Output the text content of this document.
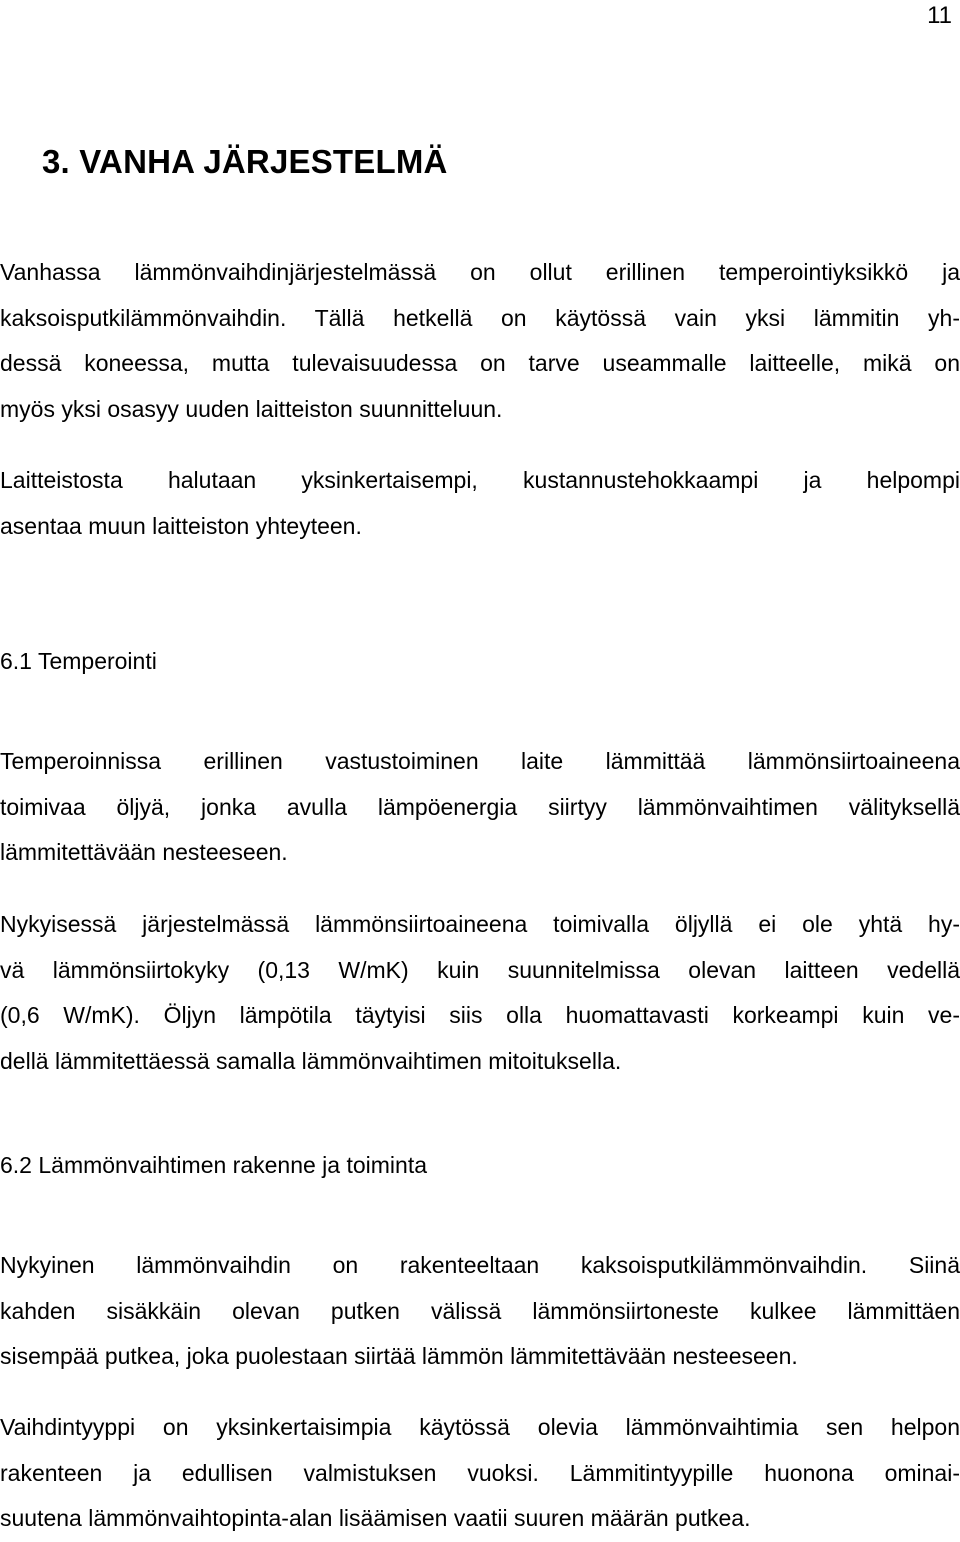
11
3. VANHA JÄRJESTELMÄ

Vanhassa lämmönvaihdinjärjestelmässä on ollut erillinen temperointiyksikkö ja
kaksoisputkilämmönvaihdin. Tällä hetkellä on käytössä vain yksi lämmitin yh-
dessä koneessa, mutta tulevaisuudessa on tarve useammalle laitteelle, mikä on
myös yksi osasyy uuden laitteiston suunnitteluun.

Laitteistosta halutaan yksinkertaisempi, kustannustehokkaampi ja helpompi
asentaa muun laitteiston yhteyteen.

6.1 Temperointi

Temperoinnissa erillinen vastustoiminen laite lämmittää lämmönsiirtoaineena
toimivaa öljyä, jonka avulla lämpöenergia siirtyy lämmönvaihtimen välityksellä
lämmitettävään nesteeseen.

Nykyisessä järjestelmässä lämmönsiirtoaineena toimivalla öljyllä ei ole yhtä hy-
vä lämmönsiirtokyky (0,13 W/mK) kuin suunnitelmissa olevan laitteen vedellä
(0,6 W/mK). Öljyn lämpötila täytyisi siis olla huomattavasti korkeampi kuin ve-
dellä lämmitettäessä samalla lämmönvaihtimen mitoituksella.

6.2 Lämmönvaihtimen rakenne ja toiminta

Nykyinen lämmönvaihdin on rakenteeltaan kaksoisputkilämmönvaihdin. Siinä
kahden sisäkkäin olevan putken välissä lämmönsiirtoneste kulkee lämmittäen
sisempää putkea, joka puolestaan siirtää lämmön lämmitettävään nesteeseen.

Vaihdintyyppi on yksinkertaisimpia käytössä olevia lämmönvaihtimia sen helpon
rakenteen ja edullisen valmistuksen vuoksi. Lämmitintyypille huonona ominai-
suutena lämmönvaihtopinta-alan lisäämisen vaatii suuren määrän putkea.
